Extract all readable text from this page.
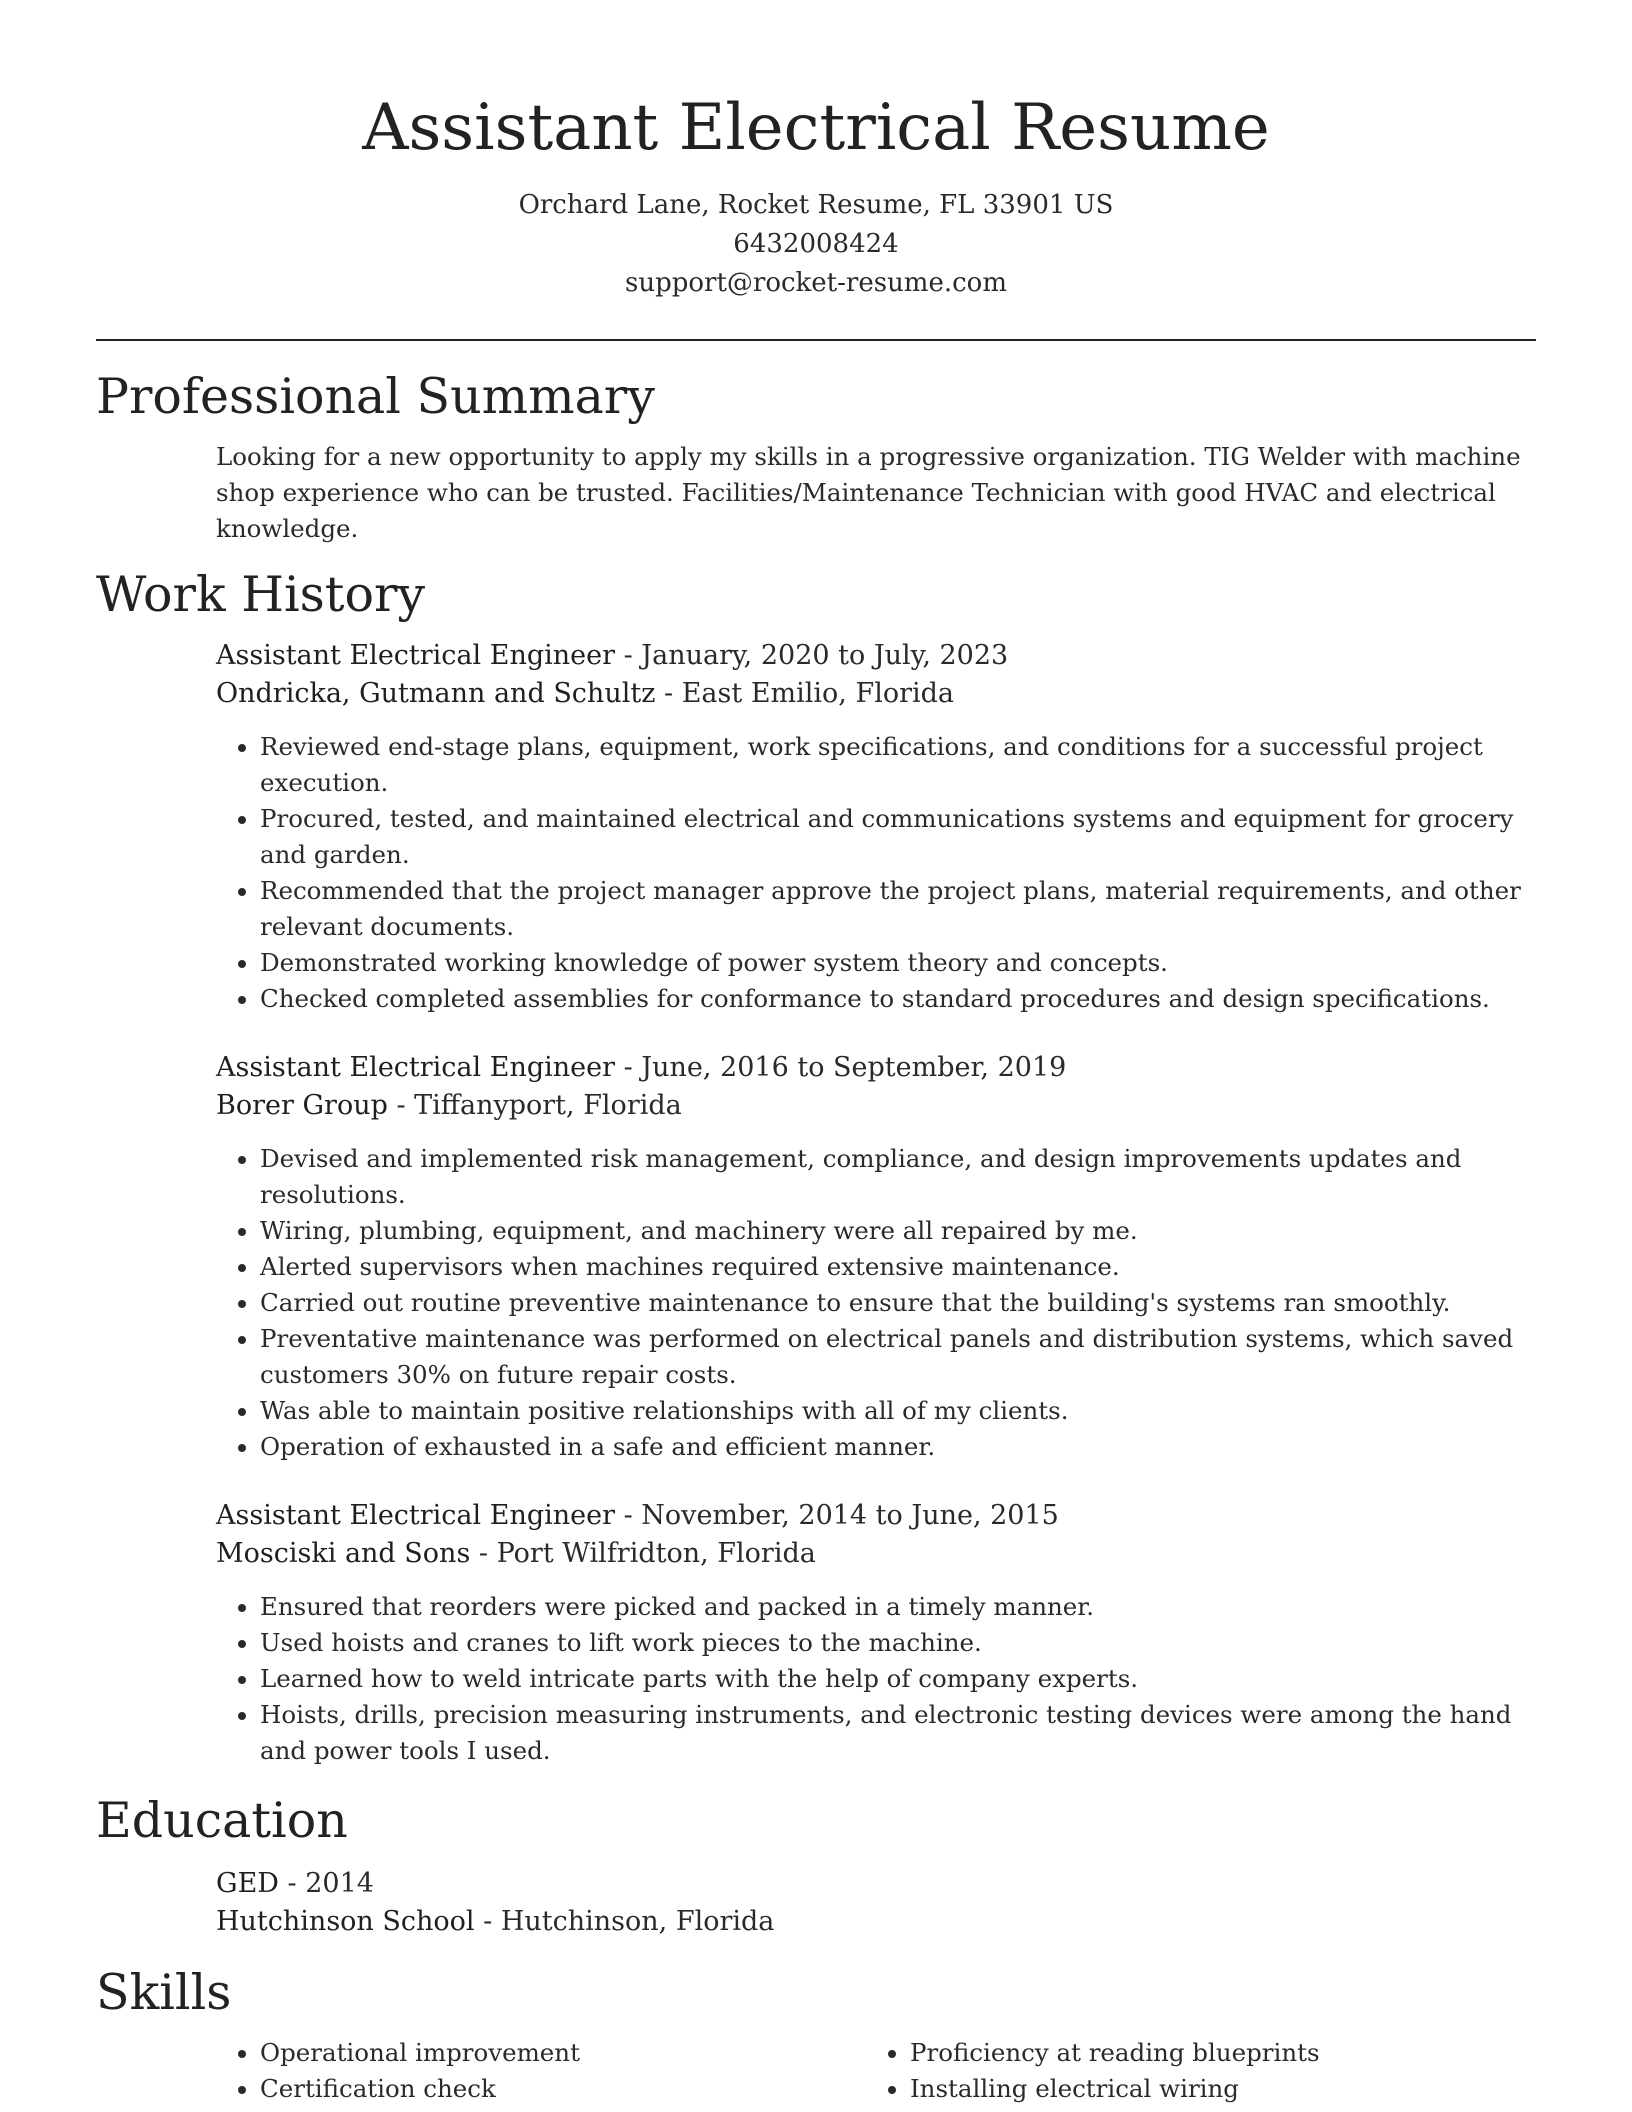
Assistant Electrical Resume
Orchard Lane, Rocket Resume, FL 33901 US
6432008424
support@rocket-resume.com
Professional Summary

Looking for a new opportunity to apply my skills in a progressive organization. TIG Welder with machine shop experience who can be trusted. Facilities/Maintenance Technician with good HVAC and electrical knowledge.

Work History
Assistant Electrical Engineer - January, 2020 to July, 2023
Ondricka, Gutmann and Schultz - East Emilio, Florida
• Reviewed end-stage plans, equipment, work specifications, and conditions for a successful project execution.
• Procured, tested, and maintained electrical and communications systems and equipment for grocery and garden.
• Recommended that the project manager approve the project plans, material requirements, and other relevant documents.
• Demonstrated working knowledge of power system theory and concepts.
• Checked completed assemblies for conformance to standard procedures and design specifications.
Assistant Electrical Engineer - June, 2016 to September, 2019
Borer Group - Tiffanyport, Florida
• Devised and implemented risk management, compliance, and design improvements updates and resolutions.
• Wiring, plumbing, equipment, and machinery were all repaired by me.
• Alerted supervisors when machines required extensive maintenance.
• Carried out routine preventive maintenance to ensure that the building's systems ran smoothly.
• Preventative maintenance was performed on electrical panels and distribution systems, which saved customers 30% on future repair costs.
• Was able to maintain positive relationships with all of my clients.
• Operation of exhausted in a safe and efficient manner.
Assistant Electrical Engineer - November, 2014 to June, 2015
Mosciski and Sons - Port Wilfridton, Florida
• Ensured that reorders were picked and packed in a timely manner.
• Used hoists and cranes to lift work pieces to the machine.
• Learned how to weld intricate parts with the help of company experts.
• Hoists, drills, precision measuring instruments, and electronic testing devices were among the hand and power tools I used.
Education
GED - 2014
Hutchinson School - Hutchinson, Florida
Skills
• Operational improvement
• Certification check
• Proficiency at reading blueprints
• Installing electrical wiring
